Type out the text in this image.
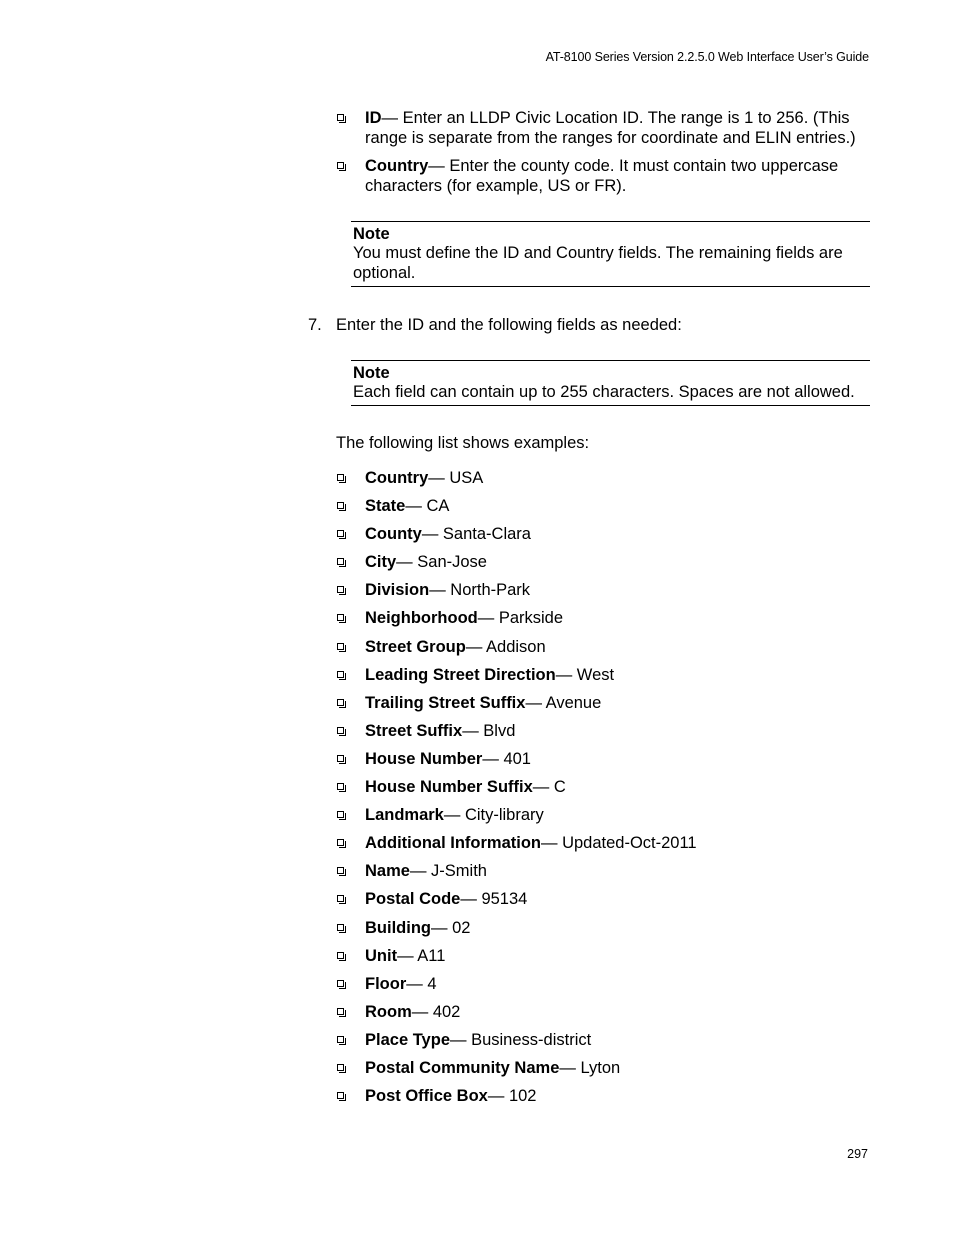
AT-8100 Series Version 2.2.5.0 Web Interface User’s Guide
ID— Enter an LLDP Civic Location ID. The range is 1 to 256. (This range is separate from the ranges for coordinate and ELIN entries.)
Country— Enter the county code. It must contain two uppercase characters (for example, US or FR).
Note
You must define the ID and Country fields. The remaining fields are optional.
7. Enter the ID and the following fields as needed:
Note
Each field can contain up to 255 characters. Spaces are not allowed.
The following list shows examples:
Country— USA
State— CA
County— Santa-Clara
City— San-Jose
Division— North-Park
Neighborhood— Parkside
Street Group— Addison
Leading Street Direction— West
Trailing Street Suffix— Avenue
Street Suffix— Blvd
House Number— 401
House Number Suffix— C
Landmark— City-library
Additional Information— Updated-Oct-2011
Name— J-Smith
Postal Code— 95134
Building— 02
Unit— A11
Floor— 4
Room— 402
Place Type— Business-district
Postal Community Name— Lyton
Post Office Box— 102
297
